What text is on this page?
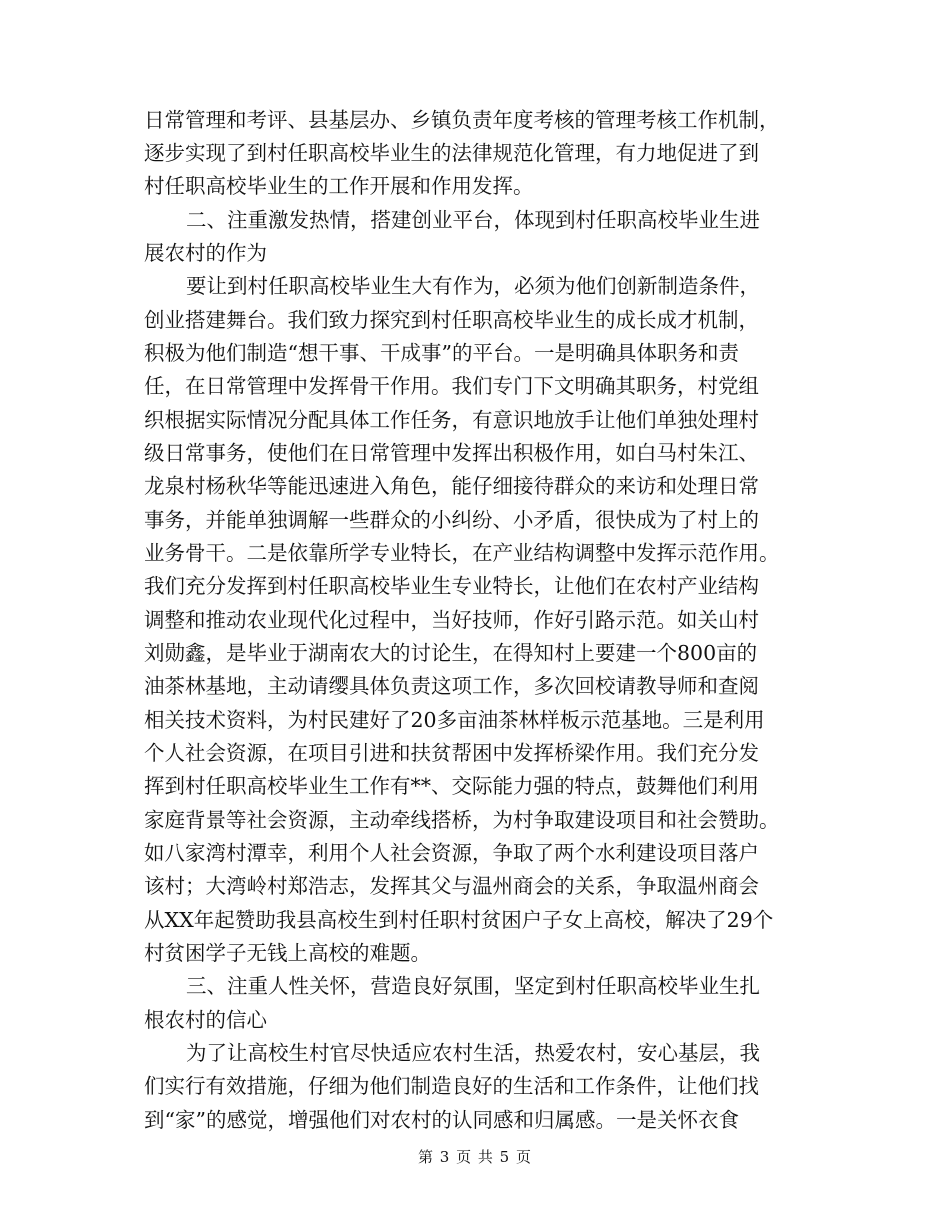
日常管理和考评、县基层办、乡镇负责年度考核的管理考核工作机制，
逐步实现了到村任职高校毕业生的法律规范化管理，有力地促进了到
村任职高校毕业生的工作开展和作用发挥。
二、注重激发热情，搭建创业平台，体现到村任职高校毕业生进
展农村的作为
要让到村任职高校毕业生大有作为，必须为他们创新制造条件，
创业搭建舞台。我们致力探究到村任职高校毕业生的成长成才机制，
积极为他们制造“想干事、干成事”的平台。一是明确具体职务和责
任，在日常管理中发挥骨干作用。我们专门下文明确其职务，村党组
织根据实际情况分配具体工作任务，有意识地放手让他们单独处理村
级日常事务，使他们在日常管理中发挥出积极作用，如白马村朱江、
龙泉村杨秋华等能迅速进入角色，能仔细接待群众的来访和处理日常
事务，并能单独调解一些群众的小纠纷、小矛盾，很快成为了村上的
业务骨干。二是依靠所学专业特长，在产业结构调整中发挥示范作用。
我们充分发挥到村任职高校毕业生专业特长，让他们在农村产业结构
调整和推动农业现代化过程中，当好技师，作好引路示范。如关山村
刘勋鑫，是毕业于湖南农大的讨论生，在得知村上要建一个800亩的
油茶林基地，主动请缨具体负责这项工作，多次回校请教导师和查阅
相关技术资料，为村民建好了20多亩油茶林样板示范基地。三是利用
个人社会资源，在项目引进和扶贫帮困中发挥桥梁作用。我们充分发
挥到村任职高校毕业生工作有**、交际能力强的特点，鼓舞他们利用
家庭背景等社会资源，主动牵线搭桥，为村争取建设项目和社会赞助。
如八家湾村潭幸，利用个人社会资源，争取了两个水利建设项目落户
该村；大湾岭村郑浩志，发挥其父与温州商会的关系，争取温州商会
从XX年起赞助我县高校生到村任职村贫困户子女上高校，解决了29个
村贫困学子无钱上高校的难题。
三、注重人性关怀，营造良好氛围，坚定到村任职高校毕业生扎
根农村的信心
为了让高校生村官尽快适应农村生活，热爱农村，安心基层，我
们实行有效措施，仔细为他们制造良好的生活和工作条件，让他们找
到“家”的感觉，增强他们对农村的认同感和归属感。一是关怀衣食
第 3 页 共 5 页
